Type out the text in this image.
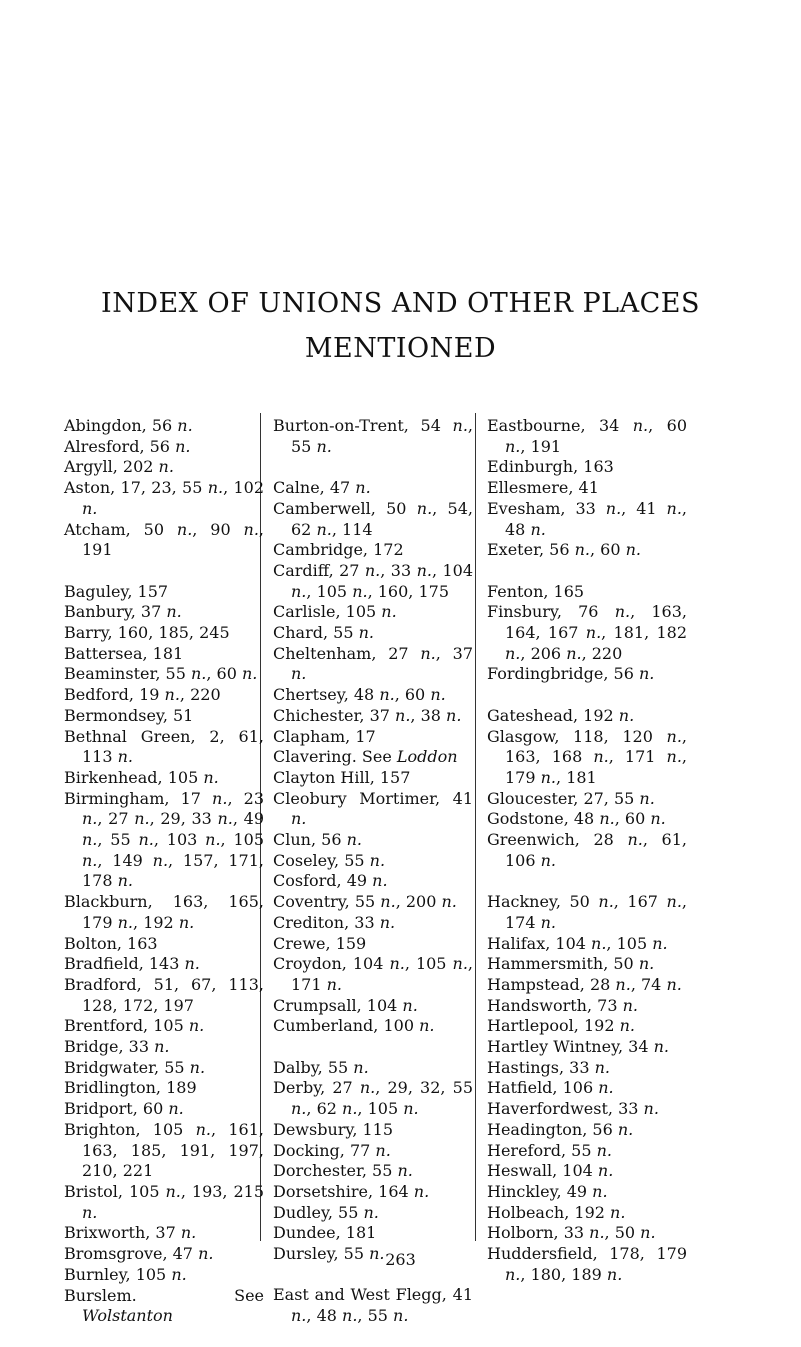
INDEX OF UNIONS AND OTHER PLACES
MENTIONED

Abingdon, 56 n.

Alresford, 56 n.

Argyll, 202 n.

Aston, 17, 23, 55 n., 102 n.

Atcham, 50 n., 90 n., 191

Baguley, 157

Banbury, 37 n.

Barry, 160, 185, 245

Battersea, 181

Beaminster, 55 n., 60 n.

Bedford, 19 n., 220

Bermondsey, 51

Bethnal Green, 2, 61, 113 n.

Birkenhead, 105 n.

Birmingham, 17 n., 23 n., 27 n., 29, 33 n., 49 n., 55 n., 103 n., 105 n., 149 n., 157, 171, 178 n.

Blackburn, 163, 165, 179 n., 192 n.

Bolton, 163

Bradfield, 143 n.

Bradford, 51, 67, 113, 128, 172, 197

Brentford, 105 n.

Bridge, 33 n.

Bridgwater, 55 n.

Bridlington, 189

Bridport, 60 n.

Brighton, 105 n., 161, 163, 185, 191, 197, 210, 221

Bristol, 105 n., 193, 215 n.

Brixworth, 37 n.

Bromsgrove, 47 n.

Burnley, 105 n.

Burslem. See Wolstanton

Burton-on-Trent, 54 n., 55 n.

Calne, 47 n.

Camberwell, 50 n., 54, 62 n., 114

Cambridge, 172

Cardiff, 27 n., 33 n., 104 n., 105 n., 160, 175

Carlisle, 105 n.

Chard, 55 n.

Cheltenham, 27 n., 37 n.

Chertsey, 48 n., 60 n.

Chichester, 37 n., 38 n.

Clapham, 17

Clavering. See Loddon

Clayton Hill, 157

Cleobury Mortimer, 41 n.

Clun, 56 n.

Coseley, 55 n.

Cosford, 49 n.

Coventry, 55 n., 200 n.

Crediton, 33 n.

Crewe, 159

Croydon, 104 n., 105 n., 171 n.

Crumpsall, 104 n.

Cumberland, 100 n.

Dalby, 55 n.

Derby, 27 n., 29, 32, 55 n., 62 n., 105 n.

Dewsbury, 115

Docking, 77 n.

Dorchester, 55 n.

Dorsetshire, 164 n.

Dudley, 55 n.

Dundee, 181

Dursley, 55 n.

East and West Flegg, 41 n., 48 n., 55 n.

Eastbourne, 34 n., 60 n., 191

Edinburgh, 163

Ellesmere, 41

Evesham, 33 n., 41 n., 48 n.

Exeter, 56 n., 60 n.

Fenton, 165

Finsbury, 76 n., 163, 164, 167 n., 181, 182 n., 206 n., 220

Fordingbridge, 56 n.

Gateshead, 192 n.

Glasgow, 118, 120 n., 163, 168 n., 171 n., 179 n., 181

Gloucester, 27, 55 n.

Godstone, 48 n., 60 n.

Greenwich, 28 n., 61, 106 n.

Hackney, 50 n., 167 n., 174 n.

Halifax, 104 n., 105 n.

Hammersmith, 50 n.

Hampstead, 28 n., 74 n.

Handsworth, 73 n.

Hartlepool, 192 n.

Hartley Wintney, 34 n.

Hastings, 33 n.

Hatfield, 106 n.

Haverfordwest, 33 n.

Headington, 56 n.

Hereford, 55 n.

Heswall, 104 n.

Hinckley, 49 n.

Holbeach, 192 n.

Holborn, 33 n., 50 n.

Huddersfield, 178, 179 n., 180, 189 n.

263
